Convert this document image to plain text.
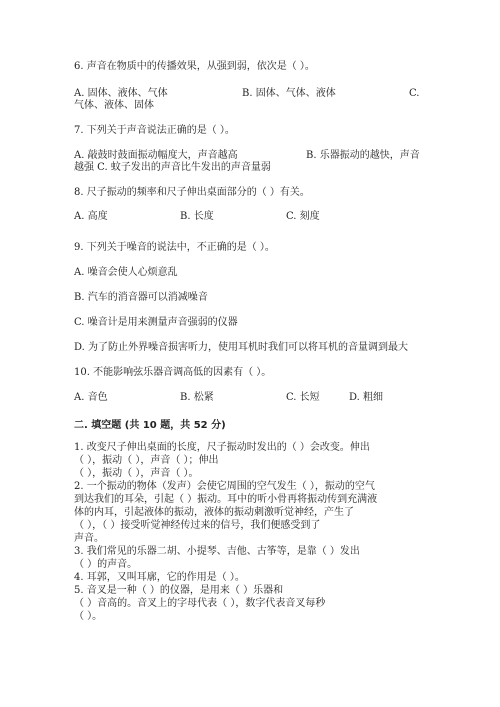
6. 声音在物质中的传播效果，从强到弱，依次是（ ）。
A. 固体、液体、气体	B. 固体、气体、液体	C.
气体、液体、固体
7. 下列关于声音说法正确的是（ ）。
A. 敲鼓时鼓面振动幅度大，声音越高	B. 乐器振动的越快，声音
越强 C. 蚊子发出的声音比牛发出的声音量弱
8. 尺子振动的频率和尺子伸出桌面部分的（ ）有关。
A. 高度	B. 长度	C. 刻度
9. 下列关于噪音的说法中，不正确的是（ ）。
A. 噪音会使人心烦意乱
B. 汽车的消音器可以消减噪音
C. 噪音计是用来测量声音强弱的仪器
D. 为了防止外界噪音损害听力，使用耳机时我们可以将耳机的音量调到最大
10. 不能影响弦乐器音调高低的因素有（ ）。
A. 音色	B. 松紧	C. 长短	D. 粗细
二. 填空题 (共 10 题，共 52 分)
1. 改变尺子伸出桌面的长度，尺子振动时发出的（ ）会改变。伸出
（ ），振动（ ），声音（ ）；伸出
（ ），振动（ ），声音（ ）。
2. 一个振动的物体（发声）会使它周围的空气发生（ ），振动的空气
到达我们的耳朵，引起（ ）振动。耳中的听小骨再将振动传到充满液
体的内耳，引起液体的振动，液体的振动刺激听觉神经，产生了
（ ），（ ）接受听觉神经传过来的信号，我们便感受到了
声音。
3. 我们常见的乐器二胡、小提琴、吉他、古筝等，是靠（ ）发出
（ ）的声音。
4. 耳郭，又叫耳廓，它的作用是（ ）。
5. 音叉是一种（ ）的仪器，是用来（ ）乐器和
（ ）音高的。音叉上的字母代表（ ），数字代表音叉每秒
（ ）。
